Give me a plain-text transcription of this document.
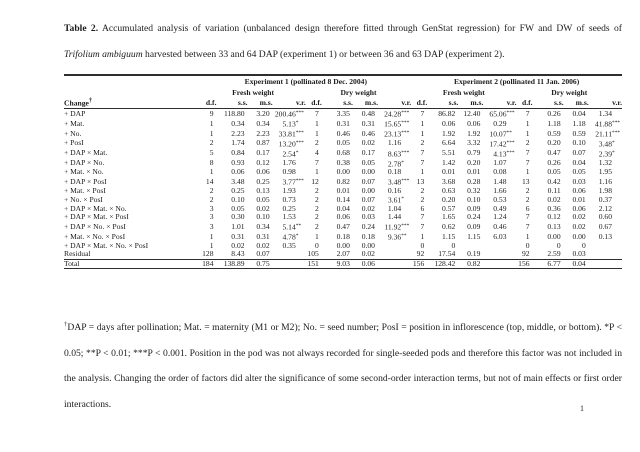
Table 2. Accumulated analysis of variation (unbalanced design therefore fitted through GenStat regression) for FW and DW of seeds of Trifolium ambiguum harvested between 33 and 64 DAP (experiment 1) or between 36 and 63 DAP (experiment 2).

	Experiment 1 (pollinated 8 Dec. 2004)								Experiment 2 (pollinated 11 Jan. 2006)							
	Fresh weight				Dry weight				Fresh weight				Dry weight			
Change†	d.f.	s.s.	m.s.	v.r.	d.f.	s.s.	m.s.	v.r.	d.f.	s.s.	m.s.	v.r.	d.f.	s.s.	m.s.	v.r.
+ DAP	9	118.80	3.20	200.46***	7	3.35	0.48	24.28***	7	86.82	12.40	65.06***	7	0.26	0.04	1.34
+ Mat.	1	0.34	0.34	5.13*	1	0.31	0.31	15.65***	1	0.06	0.06	0.29	1	1.18	1.18	41.88***
+ No.	1	2.23	2.23	33.81***	1	0.46	0.46	23.13***	1	1.92	1.92	10.07**	1	0.59	0.59	21.11***
+ PosI	2	1.74	0.87	13.20***	2	0.05	0.02	1.16	2	6.64	3.32	17.42***	2	0.20	0.10	3.48*
+ DAP × Mat.	5	0.84	0.17	2.54*	4	0.68	0.17	8.63***	7	5.51	0.79	4.13***	7	0.47	0.07	2.39*
+ DAP × No.	8	0.93	0.12	1.76	7	0.38	0.05	2.78*	7	1.42	0.20	1.07	7	0.26	0.04	1.32
+ Mat. × No.	1	0.06	0.06	0.98	1	0.00	0.00	0.18	1	0.01	0.01	0.08	1	0.05	0.05	1.95
+ DAP × PosI	14	3.48	0.25	3.77***	12	0.82	0.07	3.48***	13	3.68	0.28	1.48	13	0.42	0.03	1.16
+ Mat. × PosI	2	0.25	0.13	1.93	2	0.01	0.00	0.16	2	0.63	0.32	1.66	2	0.11	0.06	1.98
+ No. × PosI	2	0.10	0.05	0.73	2	0.14	0.07	3.61*	2	0.20	0.10	0.53	2	0.02	0.01	0.37
+ DAP × Mat. × No.	3	0.05	0.02	0.25	2	0.04	0.02	1.04	6	0.57	0.09	0.49	6	0.36	0.06	2.12
+ DAP × Mat. × PosI	3	0.30	0.10	1.53	2	0.06	0.03	1.44	7	1.65	0.24	1.24	7	0.12	0.02	0.60
+ DAP × No. × PosI	3	1.01	0.34	5.14**	2	0.47	0.24	11.92***	7	0.62	0.09	0.46	7	0.13	0.02	0.67
+ Mat. × No. × PosI	1	0.31	0.31	4.78*	1	0.18	0.18	9.36**	1	1.15	1.15	6.03	1	0.00	0.00	0.13
+ DAP × Mat. × No. × PosI	1	0.02	0.02	0.35	0	0.00	0.00		0	0			0	0	0	
Residual	128	8.43	0.07		105	2.07	0.02		92	17.54	0.19		92	2.59	0.03	
Total	184	138.89	0.75		151	9.03	0.06		156	128.42	0.82		156	6.77	0.04	

†DAP = days after pollination; Mat. = maternity (M1 or M2); No. = seed number; PosI = position in inflorescence (top, middle, or bottom). *P < 0.05; **P < 0.01; ***P < 0.001. Position in the pod was not always recorded for single-seeded pods and therefore this factor was not included in the analysis. Changing the order of factors did alter the significance of some second-order interaction terms, but not of main effects or first order interactions.	1
